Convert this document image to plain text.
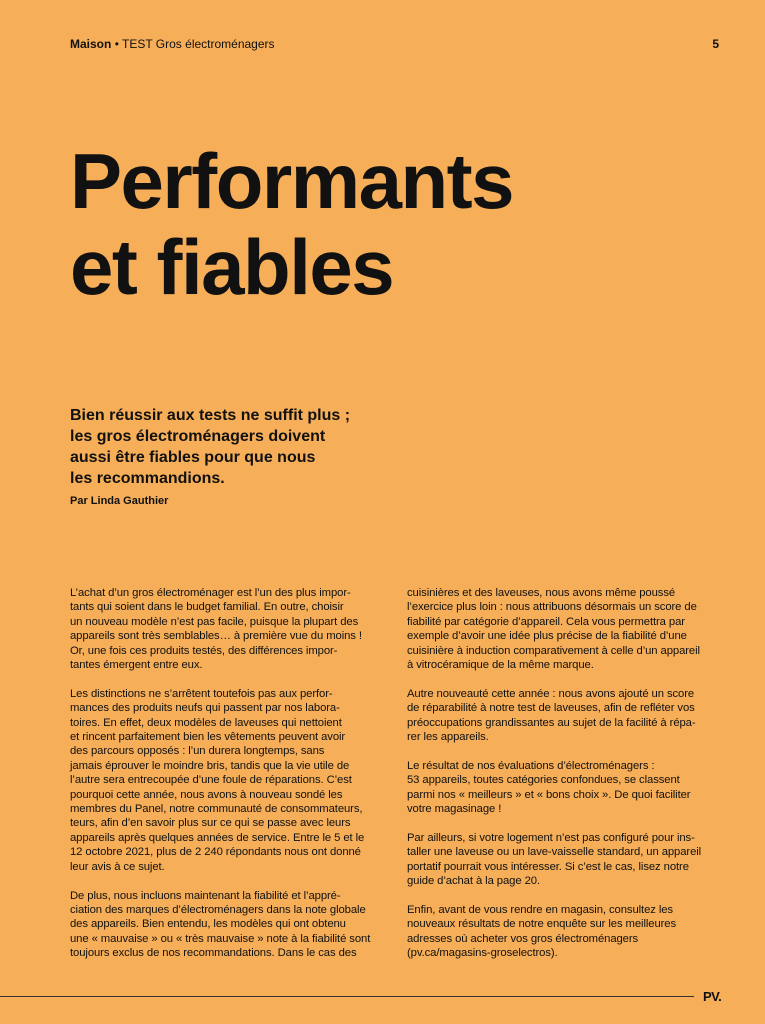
Maison • TEST Gros électroménagers	5
Performants
et fiables

Bien réussir aux tests ne suffit plus ;
les gros électroménagers doivent
aussi être fiables pour que nous
les recommandions.

Par Linda Gauthier

L’achat d’un gros électroménager est l’un des plus impor-
tants qui soient dans le budget familial. En outre, choisir
un nouveau modèle n’est pas facile, puisque la plupart des
appareils sont très semblables… à première vue du moins !
Or, une fois ces produits testés, des différences impor-
tantes émergent entre eux.

Les distinctions ne s’arrêtent toutefois pas aux perfor-
mances des produits neufs qui passent par nos labora-
toires. En effet, deux modèles de laveuses qui nettoient
et rincent parfaitement bien les vêtements peuvent avoir
des parcours opposés : l’un durera longtemps, sans
jamais éprouver le moindre bris, tandis que la vie utile de
l’autre sera entrecoupée d’une foule de réparations. C’est
pourquoi cette année, nous avons à nouveau sondé les
membres du Panel, notre communauté de consommateurs,
teurs, afin d’en savoir plus sur ce qui se passe avec leurs
appareils après quelques années de service. Entre le 5 et le
12 octobre 2021, plus de 2 240 répondants nous ont donné
leur avis à ce sujet.

De plus, nous incluons maintenant la fiabilité et l’appré-
ciation des marques d’électroménagers dans la note globale
des appareils. Bien entendu, les modèles qui ont obtenu
une « mauvaise » ou « très mauvaise » note à la fiabilité sont
toujours exclus de nos recommandations. Dans le cas des

cuisinières et des laveuses, nous avons même poussé
l’exercice plus loin : nous attribuons désormais un score de
fiabilité par catégorie d’appareil. Cela vous permettra par
exemple d’avoir une idée plus précise de la fiabilité d’une
cuisinière à induction comparativement à celle d’un appareil
à vitrocéramique de la même marque.

Autre nouveauté cette année : nous avons ajouté un score
de réparabilité à notre test de laveuses, afin de refléter vos
préoccupations grandissantes au sujet de la facilité à répa-
rer les appareils.

Le résultat de nos évaluations d’électroménagers :
53 appareils, toutes catégories confondues, se classent
parmi nos « meilleurs » et « bons choix ». De quoi faciliter
votre magasinage !

Par ailleurs, si votre logement n’est pas configuré pour ins-
taller une laveuse ou un lave-vaisselle standard, un appareil
portatif pourrait vous intéresser. Si c’est le cas, lisez notre
guide d’achat à la page 20.

Enfin, avant de vous rendre en magasin, consultez les
nouveaux résultats de notre enquête sur les meilleures
adresses où acheter vos gros électroménagers
(pv.ca/magasins-groselectros).

PV.
